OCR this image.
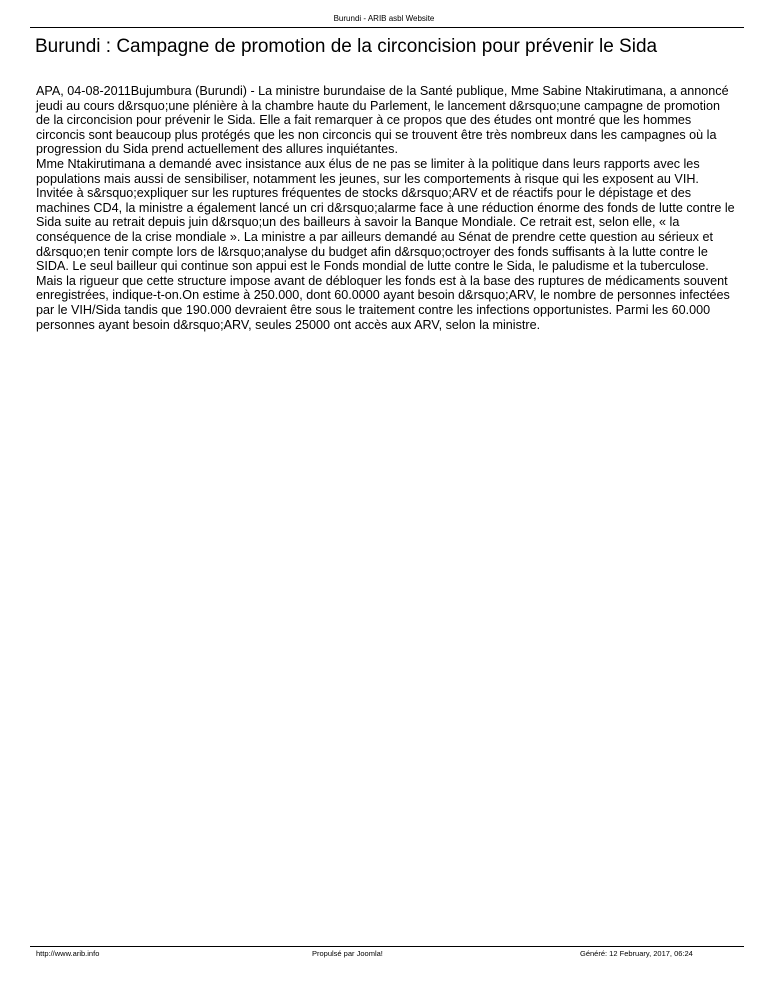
Burundi - ARIB asbl Website
Burundi : Campagne de promotion de la circoncision pour prévenir le Sida

APA, 04-08-2011Bujumbura (Burundi) - La ministre burundaise de la Santé publique, Mme Sabine Ntakirutimana, a annoncé jeudi au cours d&rsquo;une plénière à la chambre haute du Parlement, le lancement d&rsquo;une campagne de promotion de la circoncision pour prévenir le Sida. Elle a fait remarquer à ce propos que des études ont montré que les hommes circoncis sont beaucoup plus protégés que les non circoncis qui se trouvent être très nombreux dans les campagnes où la progression du Sida prend actuellement des allures inquiétantes.

Mme Ntakirutimana a demandé avec insistance aux élus de ne pas se limiter à la politique dans leurs rapports avec les populations mais aussi de sensibiliser, notamment les jeunes, sur les comportements à risque qui les exposent au VIH. Invitée à s&rsquo;expliquer sur les ruptures fréquentes de stocks d&rsquo;ARV et de réactifs pour le dépistage et des machines CD4, la ministre a également lancé un cri d&rsquo;alarme face à une réduction énorme des fonds de lutte contre le Sida suite au retrait depuis juin d&rsquo;un des bailleurs à savoir la Banque Mondiale. Ce retrait est, selon elle, « la conséquence de la crise mondiale ». La ministre a par ailleurs demandé au Sénat de prendre cette question au sérieux et d&rsquo;en tenir compte lors de l&rsquo;analyse du budget afin d&rsquo;octroyer des fonds suffisants à la lutte contre le SIDA. Le seul bailleur qui continue son appui est le Fonds mondial de lutte contre le Sida, le paludisme et la tuberculose. Mais la rigueur que cette structure impose avant de débloquer les fonds est à la base des ruptures de médicaments souvent enregistrées, indique-t-on.On estime à 250.000, dont 60.0000 ayant besoin d&rsquo;ARV, le nombre de personnes infectées par le VIH/Sida tandis que 190.000 devraient être sous le traitement contre les infections opportunistes. Parmi les 60.000 personnes ayant besoin d&rsquo;ARV, seules 25000 ont accès aux ARV, selon la ministre.

http://www.arib.info	Propulsé par Joomla!	Généré: 12 February, 2017, 06:24
